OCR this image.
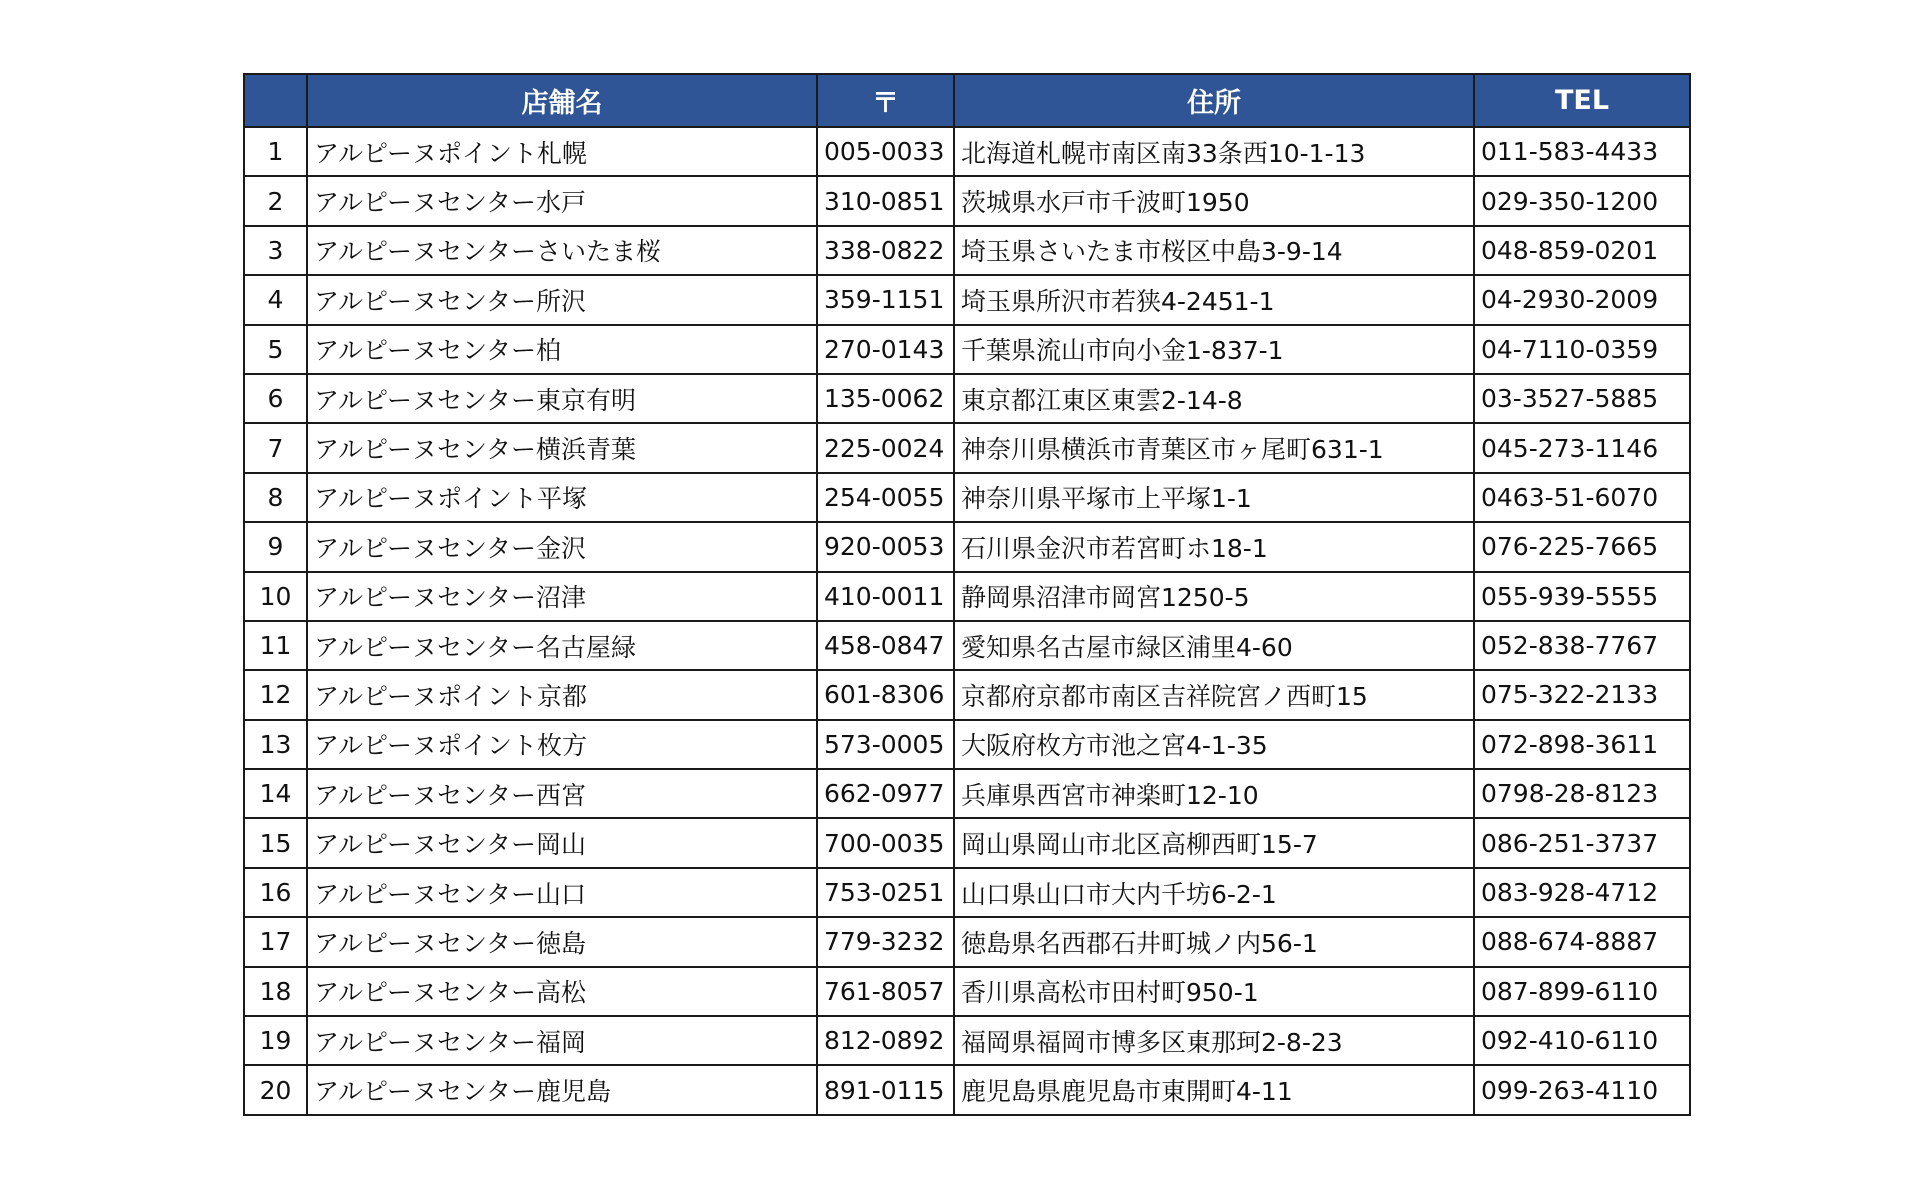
	店舗名	〒	住所	TEL
1	アルピーヌポイント札幌	005-0033	北海道札幌市南区南33条西10-1-13	011-583-4433
2	アルピーヌセンター水戸	310-0851	茨城県水戸市千波町1950	029-350-1200
3	アルピーヌセンターさいたま桜	338-0822	埼玉県さいたま市桜区中島3-9-14	048-859-0201
4	アルピーヌセンター所沢	359-1151	埼玉県所沢市若狭4-2451-1	04-2930-2009
5	アルピーヌセンター柏	270-0143	千葉県流山市向小金1-837-1	04-7110-0359
6	アルピーヌセンター東京有明	135-0062	東京都江東区東雲2-14-8	03-3527-5885
7	アルピーヌセンター横浜青葉	225-0024	神奈川県横浜市青葉区市ヶ尾町631-1	045-273-1146
8	アルピーヌポイント平塚	254-0055	神奈川県平塚市上平塚1-1	0463-51-6070
9	アルピーヌセンター金沢	920-0053	石川県金沢市若宮町ホ18-1	076-225-7665
10	アルピーヌセンター沼津	410-0011	静岡県沼津市岡宮1250-5	055-939-5555
11	アルピーヌセンター名古屋緑	458-0847	愛知県名古屋市緑区浦里4-60	052-838-7767
12	アルピーヌポイント京都	601-8306	京都府京都市南区吉祥院宮ノ西町15	075-322-2133
13	アルピーヌポイント枚方	573-0005	大阪府枚方市池之宮4-1-35	072-898-3611
14	アルピーヌセンター西宮	662-0977	兵庫県西宮市神楽町12-10	0798-28-8123
15	アルピーヌセンター岡山	700-0035	岡山県岡山市北区高柳西町15-7	086-251-3737
16	アルピーヌセンター山口	753-0251	山口県山口市大内千坊6-2-1	083-928-4712
17	アルピーヌセンター徳島	779-3232	徳島県名西郡石井町城ノ内56-1	088-674-8887
18	アルピーヌセンター高松	761-8057	香川県高松市田村町950-1	087-899-6110
19	アルピーヌセンター福岡	812-0892	福岡県福岡市博多区東那珂2-8-23	092-410-6110
20	アルピーヌセンター鹿児島	891-0115	鹿児島県鹿児島市東開町4-11	099-263-4110
